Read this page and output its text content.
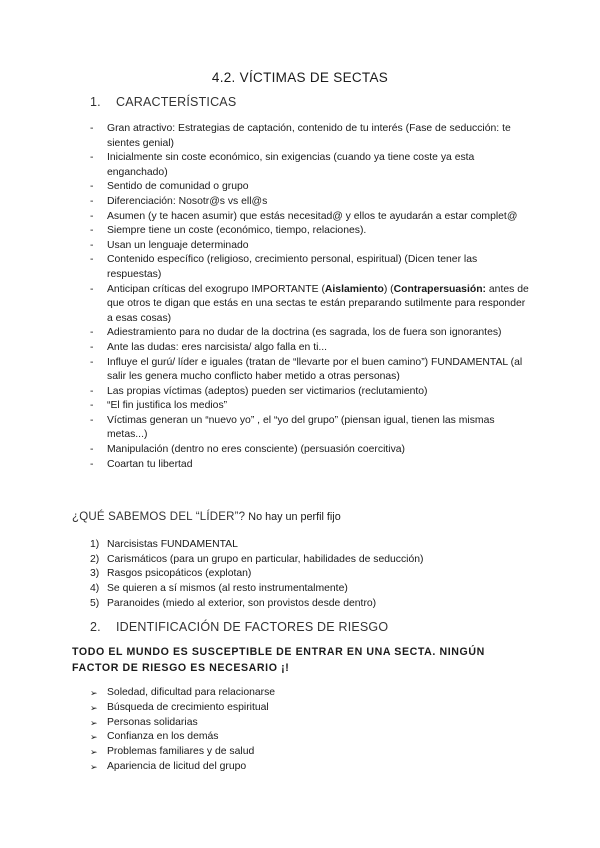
4.2. VÍCTIMAS DE SECTAS
1. CARACTERÍSTICAS
- Gran atractivo: Estrategias de captación, contenido de tu interés (Fase de seducción: te sientes genial)
- Inicialmente sin coste económico, sin exigencias (cuando ya tiene coste ya esta enganchado)
- Sentido de comunidad o grupo
- Diferenciación: Nosotr@s vs ell@s
- Asumen (y te hacen asumir) que estás necesitad@ y ellos te ayudarán a estar complet@
- Siempre tiene un coste (económico, tiempo, relaciones).
- Usan un lenguaje determinado
- Contenido específico (religioso, crecimiento personal, espiritual) (Dicen tener las respuestas)
- Anticipan críticas del exogrupo IMPORTANTE (Aislamiento) (Contrapersuasión: antes de que otros te digan que estás en una sectas te están preparando sutilmente para responder a esas cosas)
- Adiestramiento para no dudar de la doctrina (es sagrada, los de fuera son ignorantes)
- Ante las dudas: eres narcisista/ algo falla en ti...
- Influye el gurú/ líder e iguales (tratan de “llevarte por el buen camino”) FUNDAMENTAL (al salir les genera mucho conflicto haber metido a otras personas)
- Las propias víctimas (adeptos) pueden ser victimarios (reclutamiento)
- “El fin justifica los medios”
- Víctimas generan un “nuevo yo” , el “yo del grupo” (piensan igual, tienen las mismas metas...)
- Manipulación (dentro no eres consciente) (persuasión coercitiva)
- Coartan tu libertad
¿QUÉ SABEMOS DEL “LÍDER”? No hay un perfil fijo
1) Narcisistas FUNDAMENTAL
2) Carismáticos (para un grupo en particular, habilidades de seducción)
3) Rasgos psicopáticos (explotan)
4) Se quieren a sí mismos (al resto instrumentalmente)
5) Paranoides (miedo al exterior, son provistos desde dentro)
2. IDENTIFICACIÓN DE FACTORES DE RIESGO
TODO EL MUNDO ES SUSCEPTIBLE DE ENTRAR EN UNA SECTA. NINGÚN FACTOR DE RIESGO ES NECESARIO ¡!
➢ Soledad, dificultad para relacionarse
➢ Búsqueda de crecimiento espiritual
➢ Personas solidarias
➢ Confianza en los demás
➢ Problemas familiares y de salud
➢ Apariencia de licitud del grupo
